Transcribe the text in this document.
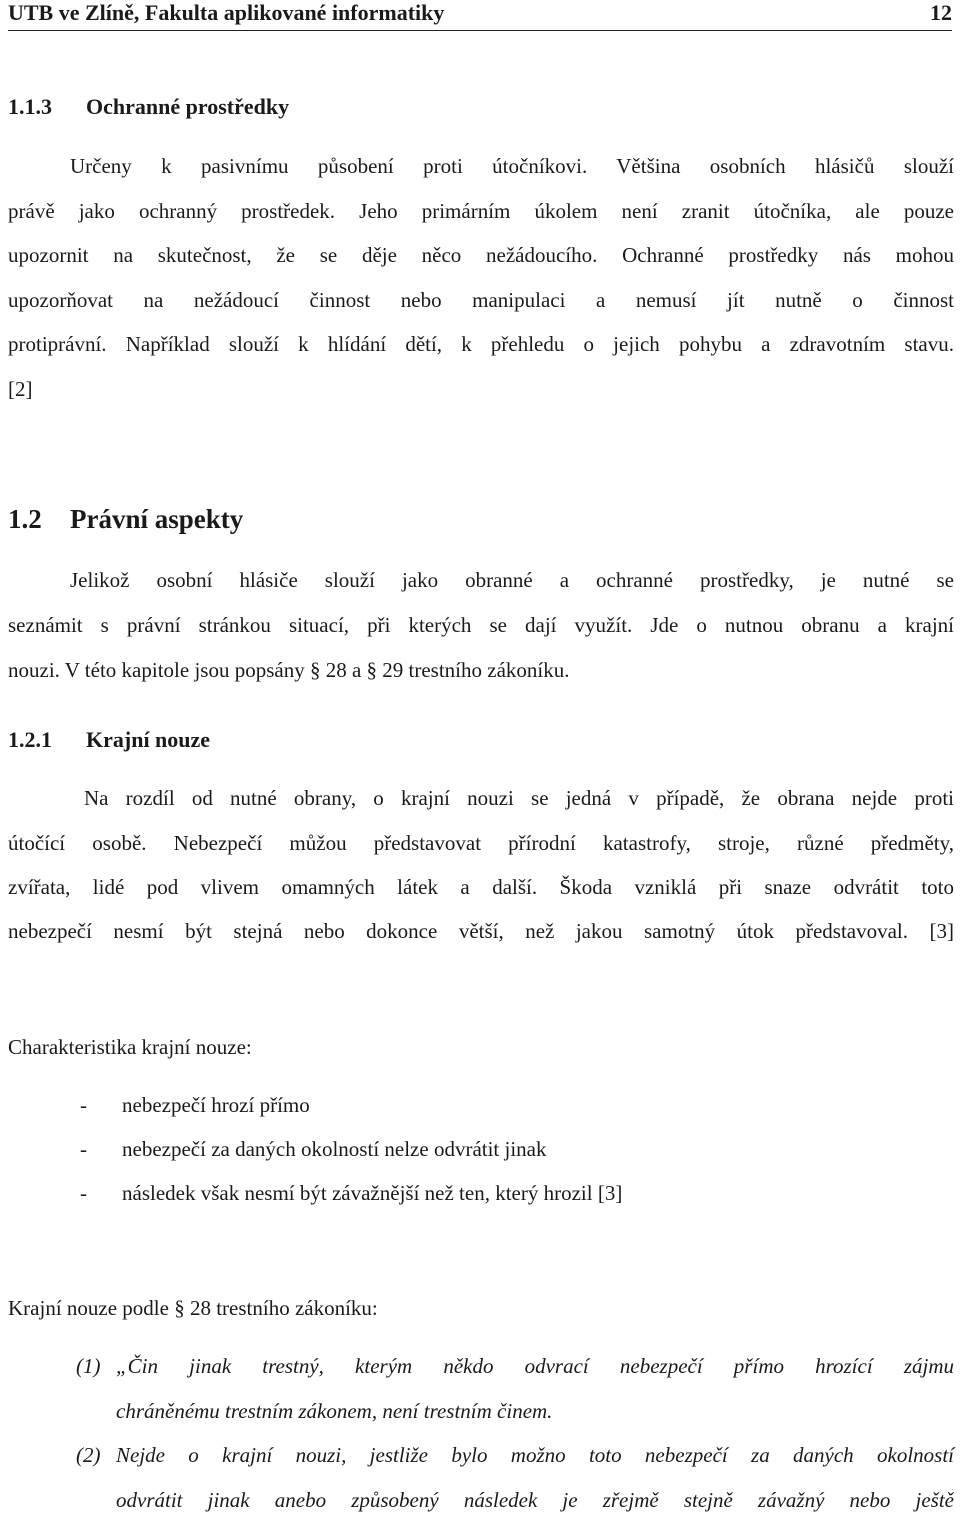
UTB ve Zlíně, Fakulta aplikované informatiky	12
1.1.3 Ochranné prostředky
Určeny k pasivnímu působení proti útočníkovi. Většina osobních hlásičů slouží
právě jako ochranný prostředek. Jeho primárním úkolem není zranit útočníka, ale pouze
upozornit na skutečnost, že se děje něco nežádoucího. Ochranné prostředky nás mohou
upozorňovat na nežádoucí činnost nebo manipulaci a nemusí jít nutně o činnost
protiprávní. Například slouží k hlídání dětí, k přehledu o jejich pohybu a zdravotním stavu.
[2]
1.2 Právní aspekty
Jelikož osobní hlásiče slouží jako obranné a ochranné prostředky, je nutné se
seznámit s právní stránkou situací, při kterých se dají využít. Jde o nutnou obranu a krajní
nouzi. V této kapitole jsou popsány § 28 a § 29 trestního zákoníku.
1.2.1 Krajní nouze
Na rozdíl od nutné obrany, o krajní nouzi se jedná v případě, že obrana nejde proti
útočící osobě. Nebezpečí můžou představovat přírodní katastrofy, stroje, různé předměty,
zvířata, lidé pod vlivem omamných látek a další. Škoda vzniklá při snaze odvrátit toto
nebezpečí nesmí být stejná nebo dokonce větší, než jakou samotný útok představoval. [3]
Charakteristika krajní nouze:
- nebezpečí hrozí přímo
- nebezpečí za daných okolností nelze odvrátit jinak
- následek však nesmí být závažnější než ten, který hrozil [3]
Krajní nouze podle § 28 trestního zákoníku:
(1) „Čin jinak trestný, kterým někdo odvrací nebezpečí přímo hrozící zájmu
chráněnému trestním zákonem, není trestním činem.
(2) Nejde o krajní nouzi, jestliže bylo možno toto nebezpečí za daných okolností
odvrátit jinak anebo způsobený následek je zřejmě stejně závažný nebo ještě
